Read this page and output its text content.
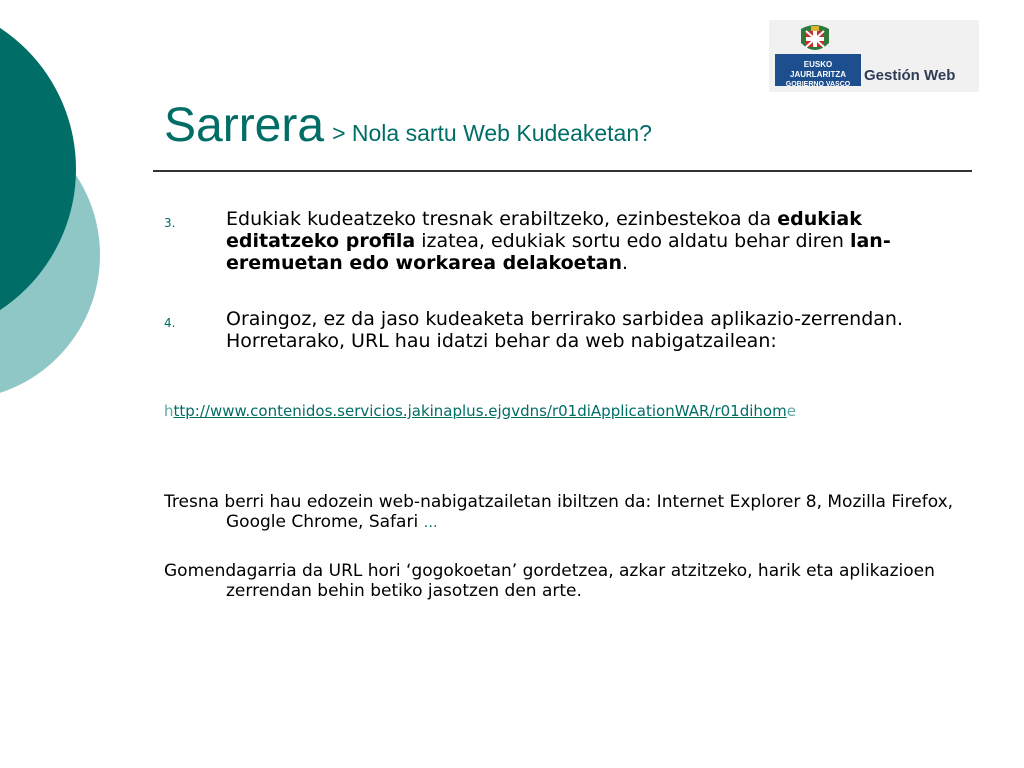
EUSKO JAURLARITZA
GOBIERNO VASCO
Gestión Web
Sarrera > Nola sartu Web Kudeaketan?
3.	Edukiak kudeatzeko tresnak erabiltzeko, ezinbestekoa da edukiak editatzeko profila izatea, edukiak sortu edo aldatu behar diren lan-eremuetan edo workarea delakoetan.
4.	Oraingoz, ez da jaso kudeaketa berrirako sarbidea aplikazio-zerrendan. Horretarako, URL hau idatzi behar da web nabigatzailean:
http://www.contenidos.servicios.jakinaplus.ejgvdns/r01diApplicationWAR/r01dihome
Tresna berri hau edozein web-nabigatzailetan ibiltzen da: Internet Explorer 8, Mozilla Firefox, Google Chrome, Safari …
Gomendagarria da URL hori ‘gogokoetan’ gordetzea, azkar atzitzeko, harik eta aplikazioen zerrendan behin betiko jasotzen den arte.
